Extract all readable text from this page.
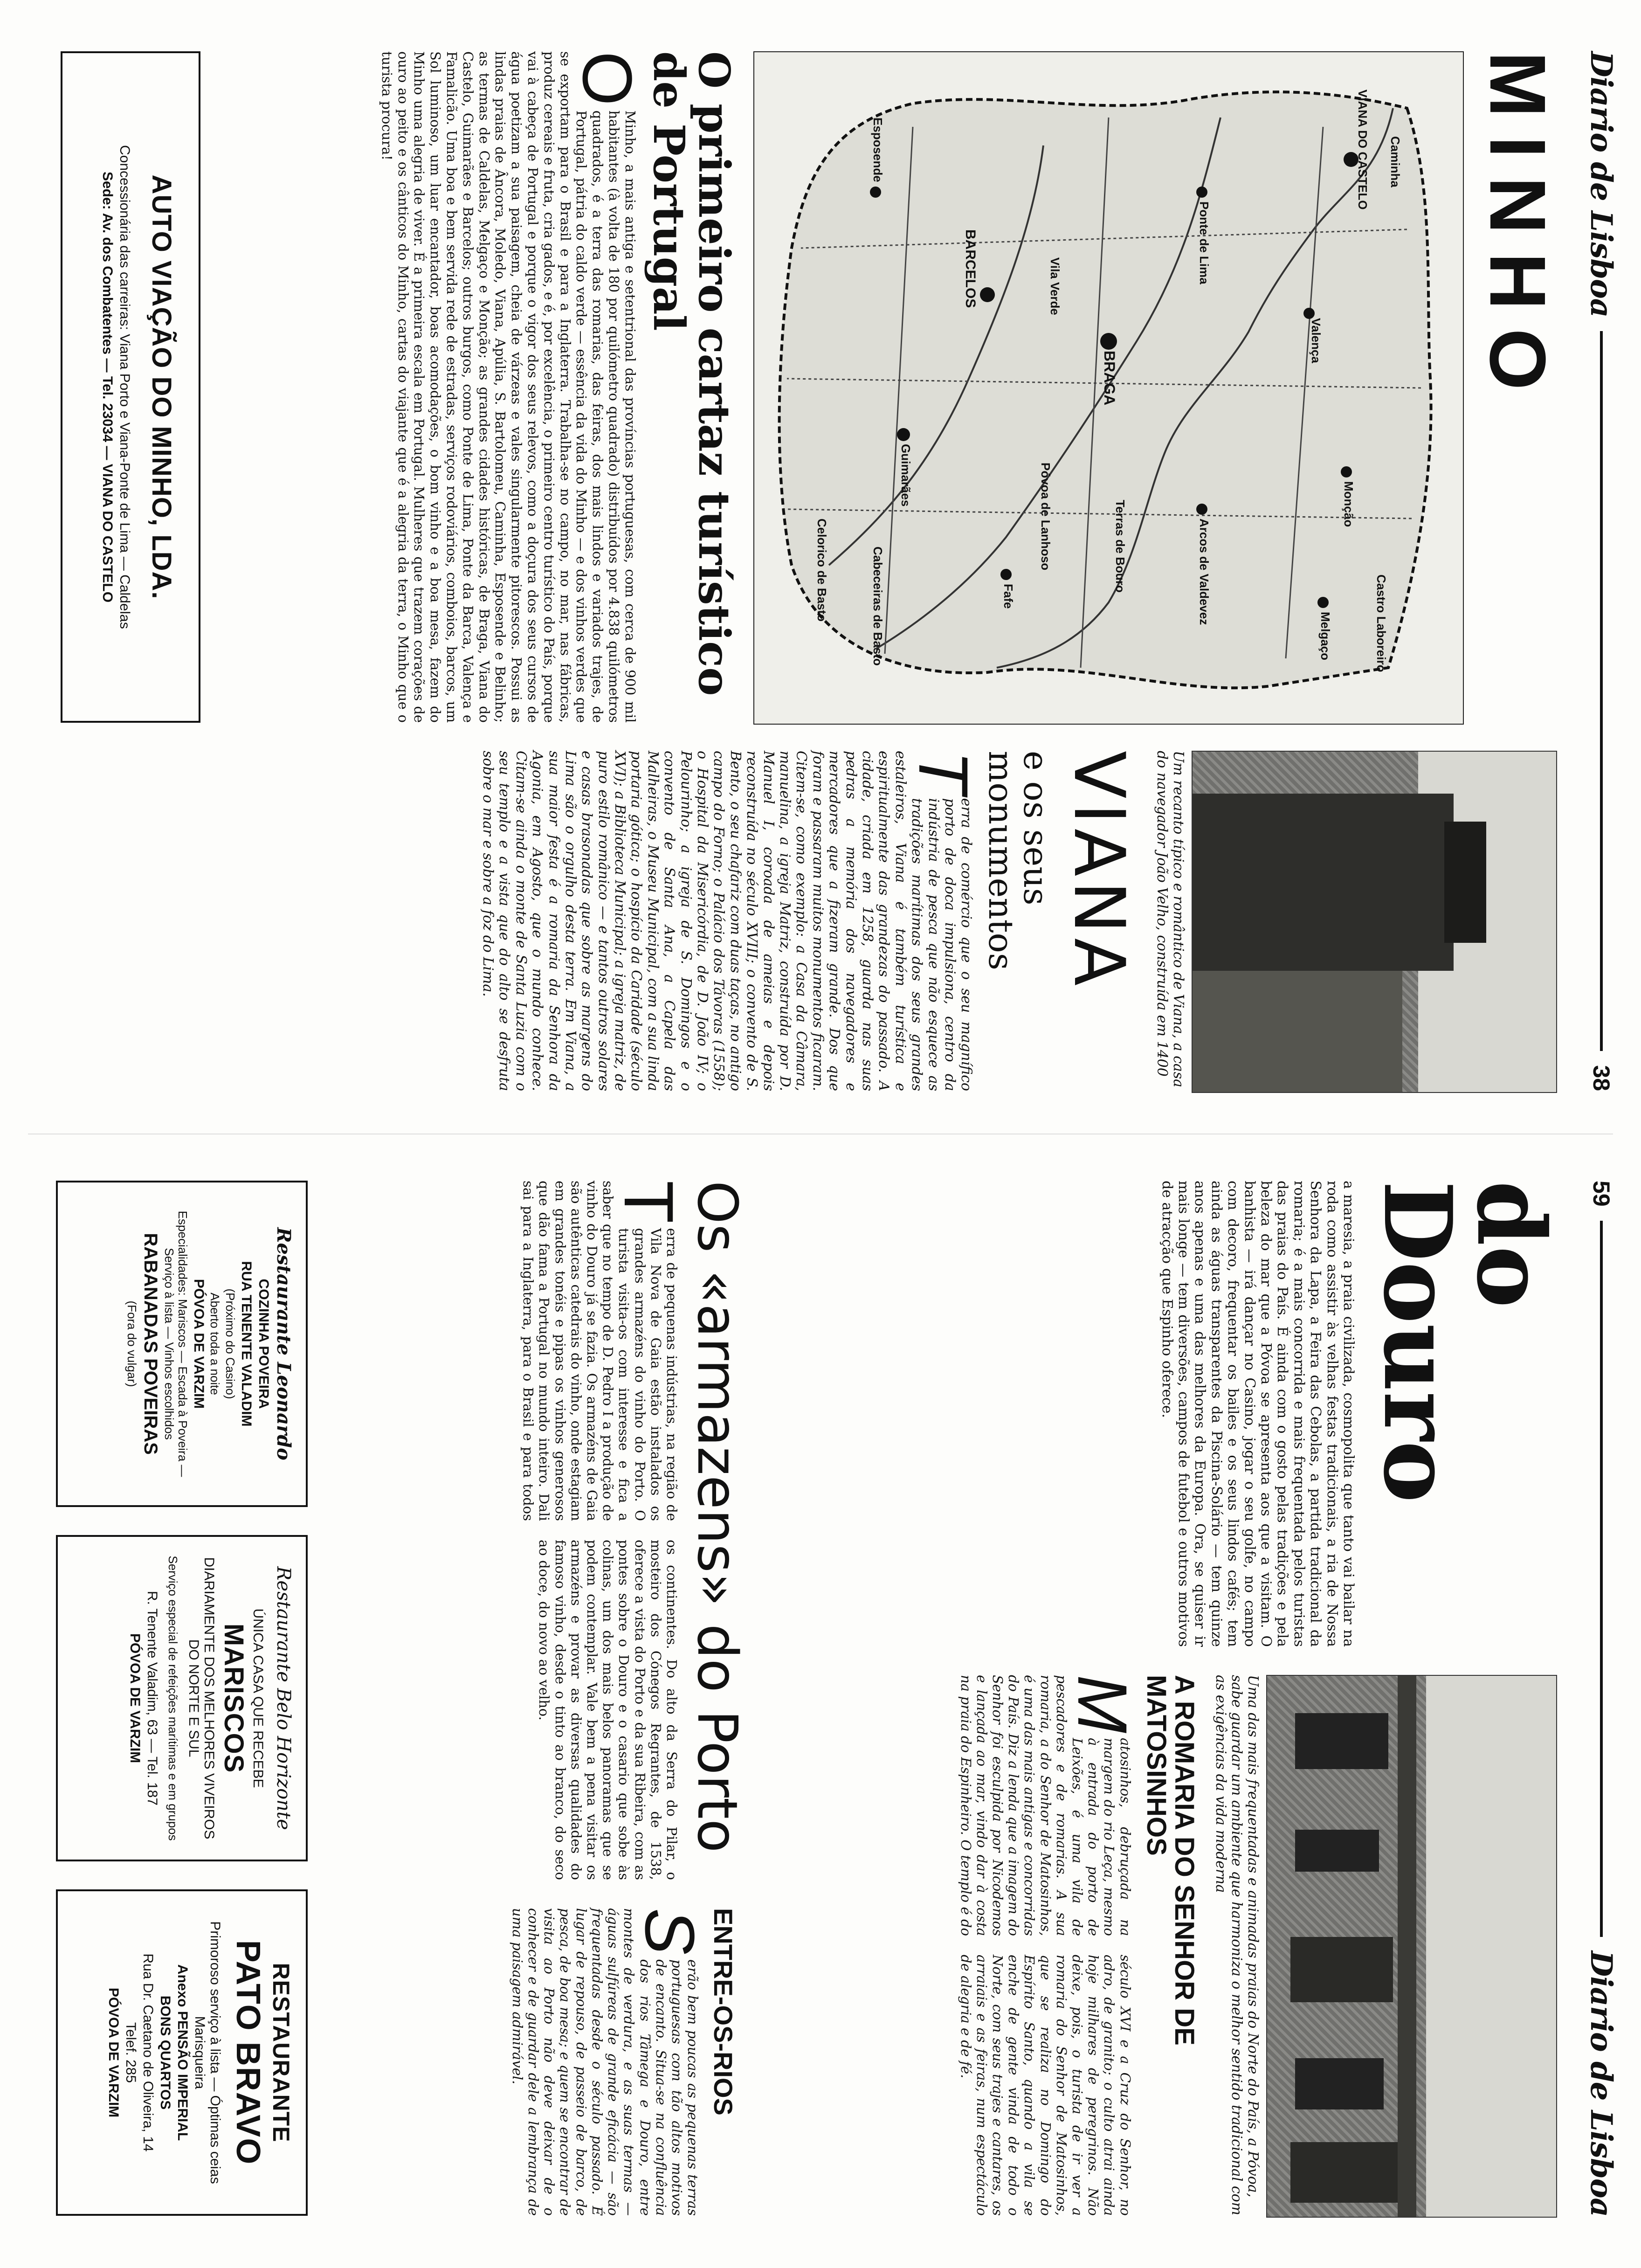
Diario de Lisboa
38
MINHO
VIANA DO CASTELO
BRAGA
BARCELOS
Melgaço
Monção
Valença
Caminha
Ponte de Lima
Arcos de Valdevez
Guimarães
Fafe
Póvoa de Lanhoso
Esposende
Vila Verde
Terras de Bouro
Celorico de Basto	Cabeceiras de Basto	Castro Laboreiro
O primeiro cartaz turístico de Portugal

OMinho, a mais antiga e setentrional das províncias portuguesas, com cerca de 900 mil habitantes (à volta de 180 por quilómetro quadrado) distribuídos por 4.838 quilómetros quadrados, é a terra das romarias, das feiras, dos mais lindos e variados trajes, de Portugal, pátria do caldo verde — essência da vida do Minho — e dos vinhos verdes que se exportam para o Brasil e para a Inglaterra. Trabalha-se no campo, no mar, nas fábricas, produz cereais e fruta, cria gados, e é, por excelência, o primeiro centro turístico do País, porque vai à cabeça de Portugal e porque o vigor dos seus relevos, como a doçura dos seus cursos de água poetizam a sua paisagem, cheia de várzeas e vales singularmente pitorescos. Possui as lindas praias de Âncora, Moledo, Viana, Apúlia, S. Bartolomeu, Caminha, Esposende e Belinho; as termas de Caldelas, Melgaço e Monção; as grandes cidades históricas, de Braga, Viana do Castelo, Guimarães e Barcelos; outros burgos, como Ponte de Lima, Ponte da Barca, Valença e Famalicão. Uma boa e bem servida rede de estradas, serviços rodoviários, comboios, barcos, um Sol luminoso, um luar encantador, boas acomodações, o bom vinho e a boa mesa, fazem do Minho uma alegria de viver. É a primeira escala em Portugal. Mulheres que trazem corações de ouro ao peito e os cânticos do Minho, cartas do viajante que é a alegria da terra, o Minho que o turista procura!

AUTO VIAÇÃO DO MINHO, LDA.
Concessionária das carreiras: Viana Porto e Viana-Ponte de Lima — Caldelas
Sede: Av. dos Combatentes — Tel. 23034 — VIANA DO CASTELO

Um recanto típico e romântico de Viana, a casa do navegador João Velho, construída em 1400

VIANA
e os seus monumentos

Terra de comércio que o seu magnífico porto de doca impulsiona, centro da indústria de pesca que não esquece as tradições marítimas dos seus grandes estaleiros, Viana é também turística e espiritualmente das grandezas do passado. A cidade, criada em 1258, guarda nas suas pedras a memória dos navegadores e mercadores que a fizeram grande. Dos que foram e passaram muitos monumentos ficaram. Citem-se, como exemplo: a Casa da Câmara, manuelina, a igreja Matriz, construída por D. Manuel I, coroada de ameias e depois reconstruída no século XVIII; o convento de S. Bento, o seu chafariz com duas taças, no antigo campo do Forno; o Palácio dos Távoras (1558); o Hospital da Misericórdia, de D. João IV; o Pelourinho; a igreja de S. Domingos e o convento de Santa Ana, a Capela das Malheiras, o Museu Municipal, com a sua linda portaria gótica; o hospício da Caridade (século XVI); a Biblioteca Municipal; a igreja matriz, de puro estilo românico — e tantos outros solares e casas brasonadas que sobre as margens do Lima são o orgulho desta terra. Em Viana, a sua maior festa é a romaria da Senhora da Agonia, em Agosto, que o mundo conhece. Citam-se ainda o monte de Santa Luzia com o seu templo e a vista que do alto se desfruta sobre o mar e sobre a foz do Lima.

59
Diario de Lisboa
do Douro

a maresia, a praia civilizada, cosmopolita que tanto vai bailar na roda como assistir às velhas festas tradicionais, a ria de Nossa Senhora da Lapa, a Feira das Cebolas, a partida tradicional da romaria; é a mais concorrida e mais frequentada pelos turistas das praias do País. É ainda com o gosto pelas tradições e pela beleza do mar que a Póvoa se apresenta aos que a visitam. O banhista — irá dançar no Casino, jogar o seu golfe, no campo com decoro, frequentar os bailes e os seus lindos cafés; tem ainda as águas transparentes da Piscina-Solário — tem quinze anos apenas e uma das melhores da Europa. Ora, se quiser ir mais longe — tem diversões, campos de futebol e outros motivos de atracção que Espinho oferece.

Uma das mais frequentadas e animadas praias do Norte do País, a Póvoa, sabe guardar um ambiente que harmoniza o melhor sentido tradicional com as exigências da vida moderna

A ROMARIA DO SENHOR DE MATOSINHOS

Matosinhos, debruçada na margem do rio Leça, mesmo à entrada do porto de Leixões, é uma vila de pescadores e de romarias. A sua romaria, a do Senhor de Matosinhos, é uma das mais antigas e concorridas do País. Diz a lenda que a imagem do Senhor foi esculpida por Nicodemos e lançada ao mar, vindo dar à costa na praia do Espinheiro. O templo é do século XVI e a Cruz do Senhor, no adro, de granito; o culto atrai ainda hoje milhares de peregrinos. Não deixe, pois, o turista de ir ver a romaria do Senhor de Matosinhos, que se realiza no Domingo do Espírito Santo, quando a vila se enche de gente vinda de todo o Norte, com seus trajes e cantares, os arraiais e as feiras, num espectáculo de alegria e de fé.

Os «armazens» do Porto

Terra de pequenas indústrias, na região de Vila Nova de Gaia estão instalados os grandes armazéns do vinho do Porto. O turista visita-os com interesse e fica a saber que no tempo de D. Pedro I a produção de vinho do Douro já se fazia. Os armazéns de Gaia são autênticas catedrais do vinho, onde estagiam em grandes tonéis e pipas os vinhos generosos que dão fama a Portugal no mundo inteiro. Dali sai para a Inglaterra, para o Brasil e para todos os continentes. Do alto da Serra do Pilar, o mosteiro dos Cónegos Regrantes, de 1538, oferece a vista do Porto e da sua Ribeira, com as pontes sobre o Douro e o casario que sobe às colinas, um dos mais belos panoramas que se podem contemplar. Vale bem a pena visitar os armazéns e provar as diversas qualidades do famoso vinho, desde o tinto ao branco, do seco ao doce, do novo ao velho.

ENTRE-OS-RIOS

Serão bem poucas as pequenas terras portuguesas com tão altos motivos de encanto. Situa-se na confluência dos rios Tâmega e Douro, entre montes de verdura, e as suas termas — águas sulfúreas de grande eficácia — são frequentadas desde o século passado. É lugar de repouso, de passeio de barco, de pesca, de boa mesa; e quem se encontrar de visita ao Porto não deve deixar de o conhecer e de guardar dele a lembrança de uma paisagem admirável.

Restaurante Leonardo
COZINHA POVEIRA
RUA TENENTE VALADIM
(Próximo do Casino)
Aberto toda a noite
PÓVOA DE VARZIM
Especialidades: Mariscos — Escada à Poveira — Serviço à lista — Vinhos escolhidos
RABANADAS POVEIRAS
(Fora do vulgar)
Restaurante Belo Horizonte
ÚNICA CASA QUE RECEBE
MARISCOS
DIARIAMENTE DOS MELHORES VIVEIROS DO NORTE E SUL
Serviço especial de refeições marítimas e em grupos
R. Tenente Valadim, 63 — Tel. 187
PÓVOA DE VARZIM
RESTAURANTE
PATO BRAVO
Primoroso serviço à lista — Óptimas ceias Marisqueira
Anexo PENSÃO IMPERIAL
BONS QUARTOS
Rua Dr. Caetano de Oliveira, 14
Telef. 285
PÓVOA DE VARZIM
